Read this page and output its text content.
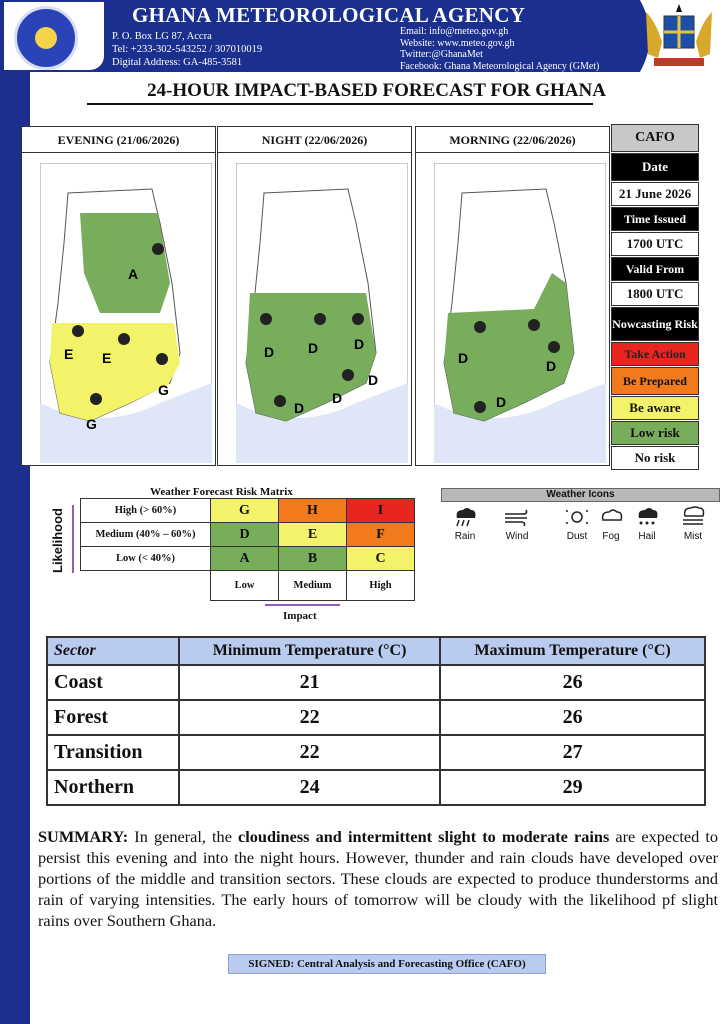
GHANA METEOROLOGICAL AGENCY
P. O. Box LG 87, Accra
Tel: +233-302-543252 / 307010019
Digital Address: GA-485-3581
Email: info@meteo.gov.gh
Website: www.meteo.gov.gh
Twitter:@GhanaMet
Facebook: Ghana Meteorological Agency (GMet)
24-HOUR IMPACT-BASED FORECAST FOR GHANA
EVENING (21/06/2026)
A
E E
G
G
NIGHT (22/06/2026)
D D	D
D
D
D
MORNING (22/06/2026)
D	D
D
CAFO
Date
21 June 2026
Time Issued
1700 UTC
Valid From
1800 UTC
Nowcasting Risk
Take Action
Be Prepared
Be aware
Low risk
No risk
Weather Forecast Risk Matrix
Likelihood	High (> 60%)	G	H	I
Medium (40% – 60%)	D	E	F
Low (< 40%)	A	B	C
	Low	Medium	High
Impact
Weather Icons
Rain	Wind	Dust	Fog	Hail	Mist
Sector	Minimum Temperature (°C)	Maximum Temperature (°C)
Coast	21	26
Forest	22	26
Transition	22	27
Northern	24	29
SUMMARY: In general, the cloudiness and intermittent slight to moderate rains are expected to persist this evening and into the night hours. However, thunder and rain clouds have developed over portions of the middle and transition sectors. These clouds are expected to produce thunderstorms and rain of varying intensities. The early hours of tomorrow will be cloudy with the likelihood pf slight rains over Southern Ghana.
SIGNED: Central Analysis and Forecasting Office (CAFO)
